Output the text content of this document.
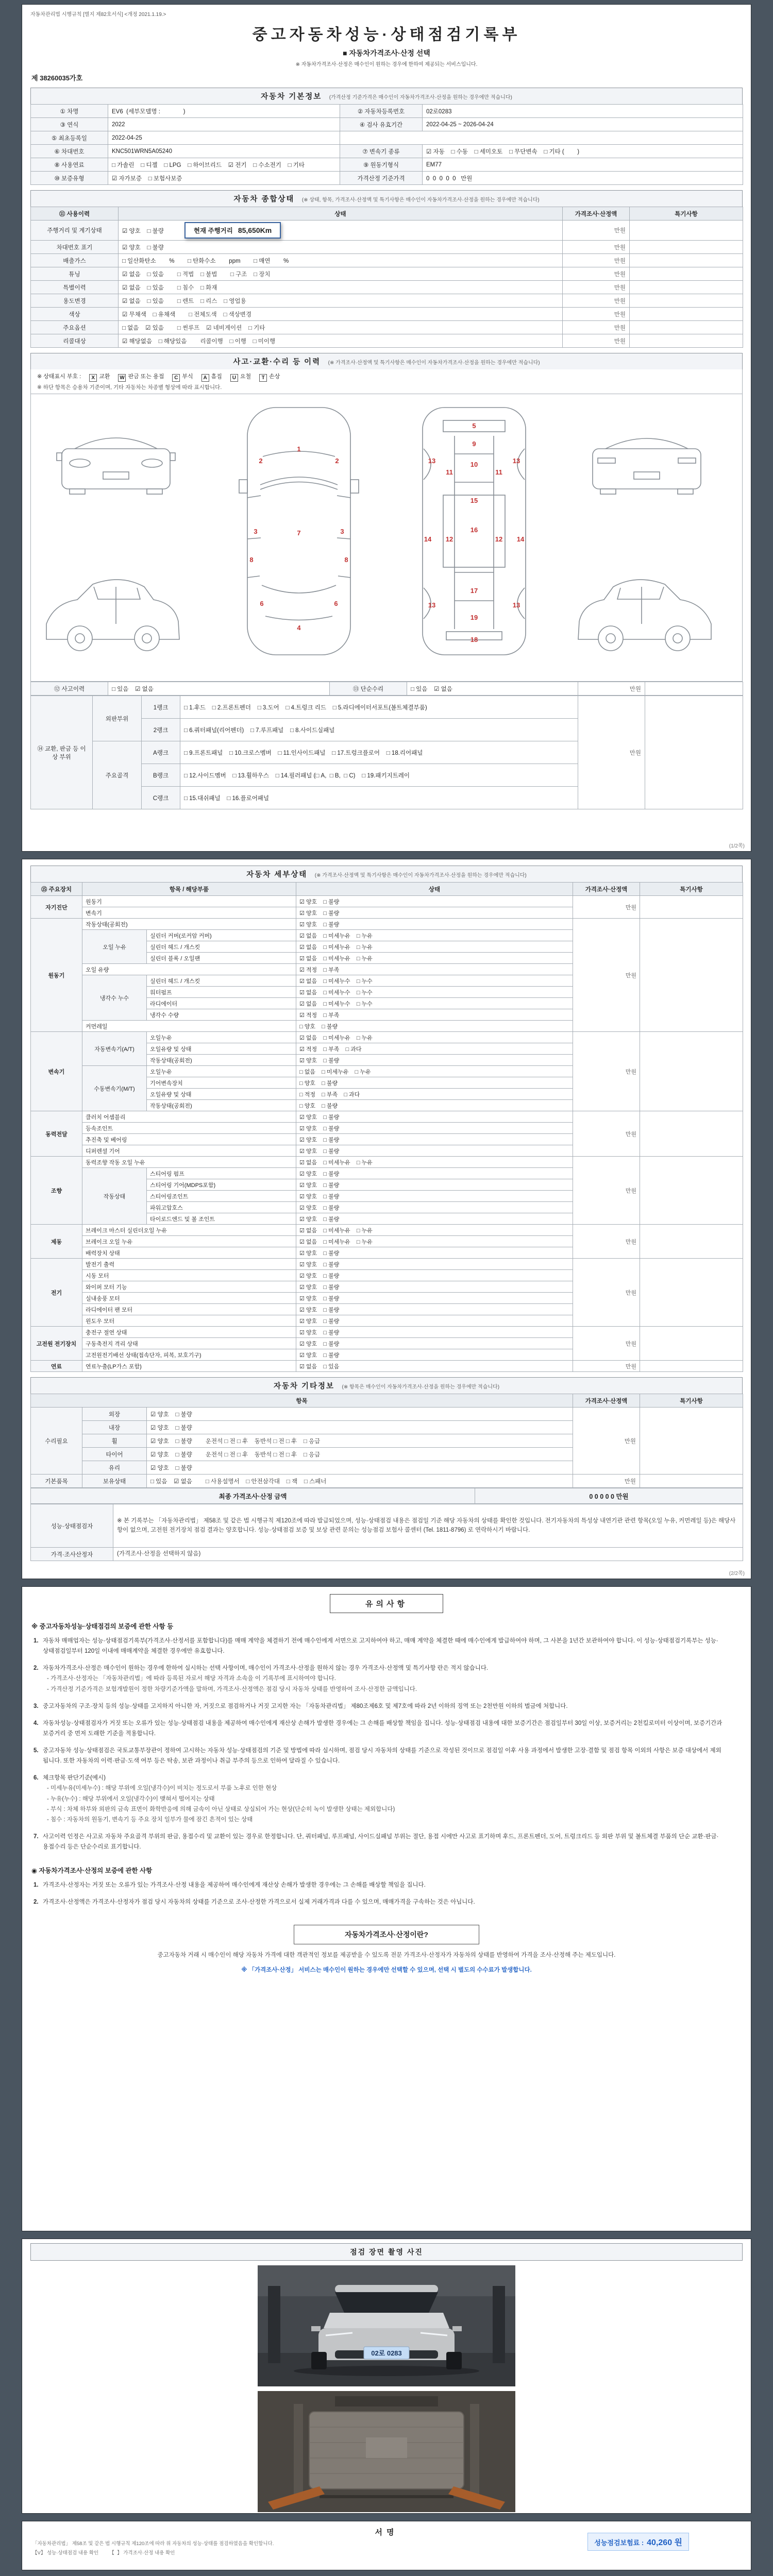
자동차관리법 시행규칙 [별지 제82호서식] <개정 2021.1.19.>
중고자동차성능·상태점검기록부
■ 자동차가격조사·산정 선택
※ 자동차가격조사·산정은 매수인이 원하는 경우에 한하여 제공되는 서비스입니다.
제 38260035가호
자동차 기본정보 (가격산정 기준가격은 매수인이 자동차가격조사·산정을 원하는 경우에만 적습니다)
① 차명	EV6  (세부모델명 :              )	② 자동차등록번호	02로0283
③ 연식	2022	④ 검사 유효기간	2022-04-25 ~ 2026-04-24
⑤ 최초등록일	2022-04-25		
⑥ 차대번호	KNC501WRN5A05240	⑦ 변속기 종류	☑ 자동    □ 수동    □ 세미오토    □ 무단변속    □ 기타 (        )
⑧ 사용연료	□ 가솔린    □ 디젤    □ LPG    □ 하이브리드    ☑ 전기    □ 수소전기    □ 기타	⑨ 원동기형식	EM77
⑩ 보증유형	☑ 자가보증    □ 보험사보증	가격산정 기준가격	0  0  0  0  0   만원
자동차 종합상태 (※ 상태, 항목, 가격조사·산정액 및 특기사항은 매수인이 자동차가격조사·산정을 원하는 경우에만 적습니다)
⑪ 사용이력	상태	가격조사·산정액	특기사항
주행거리 및 계기상태	☑ 양호    □ 불량 현재 주행거리 85,650Km	만원	
차대번호 표기	☑ 양호    □ 불량	만원	
배출가스	□ 일산화탄소        %        □ 탄화수소        ppm        □ 매연        %	만원	
튜닝	☑ 없음    □ 있음 □ 적법    □ 불법        □ 구조    □ 장치	만원	
특별이력	☑ 없음    □ 있음 □ 침수    □ 화재	만원	
용도변경	☑ 없음    □ 있음 □ 렌트    □ 리스    □ 영업용	만원	
색상	☑ 무채색    □ 유채색 □ 전체도색    □ 색상변경	만원	
주요옵션	□ 없음    ☑ 있음 □ 썬루프    ☑ 네비게이션    □ 기타	만원	
리콜대상	☑ 해당없음    □ 해당있음 리콜이행    □ 이행    □ 미이행	만원	
사고·교환·수리 등 이력 (※ 가격조사·산정액 및 특기사항은 매수인이 자동차가격조사·산정을 원하는 경우에만 적습니다)
※ 상태표시 부호 : X 교환 W 판금 또는 용접 C 부식 A 흠집 U 요철 T 손상
※ 하단 항목은 승용차 기준이며, 기타 자동차는 차종별 형상에 따라 표시합니다.
1
2	2
3	3
4
5
6	6
7
8	8
9
10
11	11
12	12
13	13
13	13
14	14
15
16
17
18
19
⑫ 사고이력	□ 있음    ☑ 없음	⑬ 단순수리	□ 있음    ☑ 없음	만원	
⑭ 교환, 판금 등 이상 부위	외판부위	1랭크	□ 1.후드    □ 2.프론트펜더    □ 3.도어    □ 4.트렁크 리드    □ 5.라디에이터서포트(볼트체결부품)	만원	
		2랭크	□ 6.쿼터패널(리어펜더)    □ 7.루프패널    □ 8.사이드실패널		
	주요골격	A랭크	□ 9.프론트패널    □ 10.크로스멤버    □ 11.인사이드패널    □ 17.트렁크플로어    □ 18.리어패널		
		B랭크	□ 12.사이드멤버    □ 13.휠하우스    □ 14.필러패널 (□ A,  □ B,  □ C)    □ 19.패키지트레이		
		C랭크	□ 15.대쉬패널    □ 16.플로어패널		
(1/2쪽)
자동차 세부상태 (※ 가격조사·산정액 및 특기사항은 매수인이 자동차가격조사·산정을 원하는 경우에만 적습니다)
⑮ 주요장치	항목 / 해당부품		상태	가격조사·산정액	특기사항
자기진단	원동기		☑ 양호    □ 불량	만원	
	변속기		☑ 양호    □ 불량		
원동기	작동상태(공회전)		☑ 양호    □ 불량	만원	
	오일 누유	실린더 커버(로커암 커버)	☑ 없음    □ 미세누유    □ 누유		
		실린더 헤드 / 개스킷	☑ 없음    □ 미세누유    □ 누유		
		실린더 블록 / 오일팬	☑ 없음    □ 미세누유    □ 누유		
	오일 유량		☑ 적정    □ 부족		
	냉각수 누수	실린더 헤드 / 개스킷	☑ 없음    □ 미세누수    □ 누수		
		워터펌프	☑ 없음    □ 미세누수    □ 누수		
		라디에이터	☑ 없음    □ 미세누수    □ 누수		
		냉각수 수량	☑ 적정    □ 부족		
	커먼레일		□ 양호    □ 불량		
변속기	자동변속기(A/T)	오일누유	☑ 없음    □ 미세누유    □ 누유	만원	
		오일유량 및 상태	☑ 적정    □ 부족    □ 과다		
		작동상태(공회전)	☑ 양호    □ 불량		
	수동변속기(M/T)	오일누유	□ 없음    □ 미세누유    □ 누유		
		기어변속장치	□ 양호    □ 불량		
		오일유량 및 상태	□ 적정    □ 부족    □ 과다		
		작동상태(공회전)	□ 양호    □ 불량		
동력전달	클러치 어셈블리		☑ 양호    □ 불량	만원	
	등속조인트		☑ 양호    □ 불량		
	추진축 및 베어링		☑ 양호    □ 불량		
	디퍼렌셜 기어		☑ 양호    □ 불량		
조향	동력조향 작동 오일 누유		☑ 없음    □ 미세누유    □ 누유	만원	
	작동상태	스티어링 펌프	☑ 양호    □ 불량		
		스티어링 기어(MDPS포함)	☑ 양호    □ 불량		
		스티어링조인트	☑ 양호    □ 불량		
		파워고압호스	☑ 양호    □ 불량		
		타이로드엔드 및 볼 조인트	☑ 양호    □ 불량		
제동	브레이크 마스터 실린더오일 누유		☑ 없음    □ 미세누유    □ 누유	만원	
	브레이크 오일 누유		☑ 없음    □ 미세누유    □ 누유		
	배력장치 상태		☑ 양호    □ 불량		
전기	발전기 출력		☑ 양호    □ 불량	만원	
	시동 모터		☑ 양호    □ 불량		
	와이퍼 모터 기능		☑ 양호    □ 불량		
	실내송풍 모터		☑ 양호    □ 불량		
	라디에이터 팬 모터		☑ 양호    □ 불량		
	윈도우 모터		☑ 양호    □ 불량		
고전원 전기장치	충전구 절연 상태		☑ 양호    □ 불량	만원	
	구동축전지 격리 상태		☑ 양호    □ 불량		
	고전원전기배선 상태(접속단자, 피복, 보호기구)		☑ 양호    □ 불량		
연료	연료누출(LP가스 포함)		☑ 없음    □ 있음	만원	
자동차 기타정보 (※ 항목은 매수인이 자동차가격조사·산정을 원하는 경우에만 적습니다)
항목			가격조사·산정액	특기사항
수리필요	외장	☑ 양호    □ 불량	만원	
	내장	☑ 양호    □ 불량		
	휠	☑ 양호    □ 불량 운전석 □ 전 □ 후    동반석 □ 전 □ 후    □ 응급		
	타이어	☑ 양호    □ 불량 운전석 □ 전 □ 후    동반석 □ 전 □ 후    □ 응급		
	유리	☑ 양호    □ 불량		
기본품목	보유상태	□ 있음    ☑ 없음 □ 사용설명서    □ 안전삼각대    □ 잭    □ 스패너	만원	
최종 가격조사·산정 금액	0 0 0 0 0 만원
성능·상태점검자	※ 본 기록부는 「자동차관리법」 제58조 및 같은 법 시행규칙 제120조에 따라 발급되었으며, 성능·상태점검 내용은 점검일 기준 해당 자동차의 상태를 확인한 것입니다. 전기자동차의 특성상 내연기관 관련 항목(오일 누유, 커먼레일 등)은 해당사항이 없으며, 고전원 전기장치 점검 결과는 양호합니다. 성능·상태점검 보증 및 보상 관련 문의는 성능점검 보험사 콜센터 (Tel. 1811-8796) 로 연락하시기 바랍니다.
가격·조사산정자	(가격조사·산정을 선택하지 않음)
(2/2쪽)
유의사항
※ 중고자동차성능·상태점검의 보증에 관한 사항 등
1. 자동차 매매업자는 성능·상태점검기록부(가격조사·산정서를 포함합니다)를 매매 계약을 체결하기 전에 매수인에게 서면으로 고지하여야 하고, 매매 계약을 체결한 때에 매수인에게 발급하여야 하며, 그 사본을 1년간 보관하여야 합니다. 이 성능·상태점검기록부는 성능·상태점검일부터 120일 이내에 매매계약을 체결한 경우에만 유효합니다.
2. 자동차가격조사·산정은 매수인이 원하는 경우에 한하여 실시하는 선택 사항이며, 매수인이 가격조사·산정을 원하지 않는 경우 가격조사·산정액 및 특기사항 란은 적지 않습니다.
- 가격조사·산정자는 「자동차관리법」에 따라 등록된 자로서 해당 자격과 소속을 이 기록부에 표시하여야 합니다.
- 가격산정 기준가격은 보험개발원이 정한 차량기준가액을 말하며, 가격조사·산정액은 점검 당시 자동차 상태를 반영하여 조사·산정한 금액입니다.
3. 중고자동차의 구조·장치 등의 성능·상태를 고지하지 아니한 자, 거짓으로 점검하거나 거짓 고지한 자는 「자동차관리법」 제80조제6호 및 제7호에 따라 2년 이하의 징역 또는 2천만원 이하의 벌금에 처합니다.
4. 자동차성능·상태점검자가 거짓 또는 오류가 있는 성능·상태점검 내용을 제공하여 매수인에게 재산상 손해가 발생한 경우에는 그 손해를 배상할 책임을 집니다. 성능·상태점검 내용에 대한 보증기간은 점검일부터 30일 이상, 보증거리는 2천킬로미터 이상이며, 보증기간과 보증거리 중 먼저 도래한 기준을 적용합니다.
5. 중고자동차 성능·상태점검은 국토교통부장관이 정하여 고시하는 자동차 성능·상태점검의 기준 및 방법에 따라 실시하며, 점검 당시 자동차의 상태를 기준으로 작성된 것이므로 점검일 이후 사용 과정에서 발생한 고장·결함 및 점검 항목 이외의 사항은 보증 대상에서 제외됩니다. 또한 자동차의 이력·판금·도색 여부 등은 탁송, 보관 과정이나 취급 부주의 등으로 인하여 달라질 수 있습니다.
6. 체크항목 판단기준(예시)
- 미세누유(미세누수) : 해당 부위에 오일(냉각수)이 비치는 정도로서 부품 노후로 인한 현상
- 누유(누수) : 해당 부위에서 오일(냉각수)이 맺혀서 떨어지는 상태
- 부식 : 차체 하부와 외판의 금속 표면이 화학반응에 의해 금속이 아닌 상태로 상실되어 가는 현상(단순히 녹이 발생한 상태는 제외합니다)
- 침수 : 자동차의 원동기, 변속기 등 주요 장치 일부가 물에 잠긴 흔적이 있는 상태
7. 사고이력 인정은 사고로 자동차 주요골격 부위의 판금, 용접수리 및 교환이 있는 경우로 한정합니다. 단, 쿼터패널, 루프패널, 사이드실패널 부위는 절단, 용접 시에만 사고로 표기하며 후드, 프론트펜더, 도어, 트렁크리드 등 외판 부위 및 볼트체결 부품의 단순 교환·판금·용접수리 등은 단순수리로 표기합니다.
◉ 자동차가격조사·산정의 보증에 관한 사항
1. 가격조사·산정자는 거짓 또는 오류가 있는 가격조사·산정 내용을 제공하여 매수인에게 재산상 손해가 발생한 경우에는 그 손해를 배상할 책임을 집니다.
2. 가격조사·산정액은 가격조사·산정자가 점검 당시 자동차의 상태를 기준으로 조사·산정한 가격으로서 실제 거래가격과 다를 수 있으며, 매매가격을 구속하는 것은 아닙니다.
자동차가격조사·산정이란?
중고자동차 거래 시 매수인이 해당 자동차 가격에 대한 객관적인 정보를 제공받을 수 있도록 전문 가격조사·산정자가 자동차의 상태를 반영하여 가격을 조사·산정해 주는 제도입니다.
※ 「가격조사·산정」 서비스는 매수인이 원하는 경우에만 선택할 수 있으며, 선택 시 별도의 수수료가 발생합니다.
점검 장면 촬영 사진
02로 0283
서명
성능점검보험료 : 40,260 원
「자동차관리법」 제58조 및 같은 법 시행규칙 제120조에 따라 위 자동차의 성능·상태를 점검하였음을 확인합니다.
【V】 성능·상태점검 내용 확인        【  】 가격조사·산정 내용 확인
